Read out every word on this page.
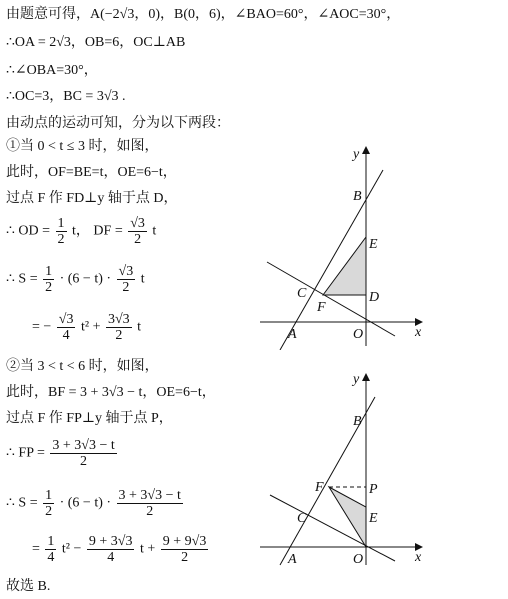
由题意可得，A(−2√3，0)，B(0，6)，∠BAO=60°，∠AOC=30°，
∴OA = 2√3，OB=6，OC⊥AB
∴∠OBA=30°，
∴OC=3，BC = 3√3 .
由动点的运动可知，分为以下两段：
①当 0 < t ≤ 3 时，如图，
此时，OF=BE=t，OE=6−t，
过点 F 作 FD⊥y 轴于点 D，
∴ OD = $\frac{1}{2}$ t， DF = $\frac{√3}{2}$ t
∴ $S = \frac{1}{2} \cdot (6 - t) \cdot \frac{√3}{2}$ t
= − $\frac{√3}{4} t^2 + \frac{3√3}{2}$ t
②当 3 < t < 6 时，如图，
此时，BF = 3 + 3√3 − t，OE=6−t，
过点 F 作 FP⊥y 轴于点 P，
∴ FP = $\frac{3 + 3√3 - t}{2}$
∴ $S = \frac{1}{2} \cdot (6 - t) \cdot \frac{3 + 3√3 - t}{2}$
= $\frac{1}{4} t^2 - \frac{9 + 3√3}{4}$ $t + \frac{9 + 9√3}{2}$
故选 B.
y
x
B
E
C	D
F
A	O
y
x
B
F	P
C	E
A	O
